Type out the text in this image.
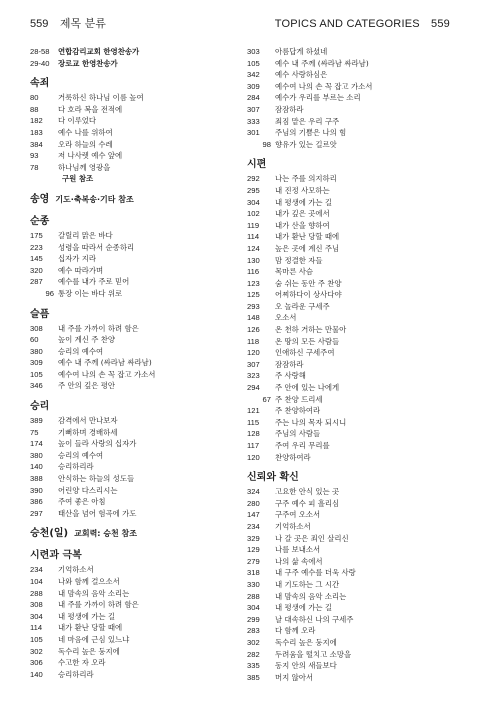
559 제목 분류	TOPICS AND CATEGORIES 559
28-58	연합감리교회 한영찬송가
29-40	장로교 한영찬송가
속죄
80	거룩하신 하나님 이름 높여
88	다 호라 복을 전적에
182	다 이루었다
183	예수 나를 위하여
384	오라 하늘의 수레
93	저 나사렛 예수 앞에
78	하나님께 영광을
구원 참조
송영 기도·축복송·기타 참조
순종
175	갈릴리 맑은 바다
223	성령을 따라서 순종하리
145	십자가 지라
320	예수 따라가며
287	예수를 내가 주로 믿어
96 통장 이는 바다 위로
슬픔
308	내 주를 가까이 하려 함은
60	높이 계신 주 찬양
380	승리의 예수여
309	예수 내 주께 (싸라남 싸라남)
105	예수여 나의 손 꼭 잡고 가소서
346	주 안의 깊은 평안
승리
389	감격에서 만나보자
75	기뻐하며 경배하세
174	높이 들라 사랑의 십자가
380	승리의 예수여
140	승리하리라
388	안식하는 하늘의 성도들
390	어린양 다스리시는
386	주여 좋은 아침
297	태산을 넘어 험곡에 가도
승천(일) 교회력: 승천 참조
시련과 극복
234	기억하소서
104	나와 함께 걸으소서
288	내 맘속의 음악 소리는
308	내 주를 가까이 하려 함은
304	내 평생에 가는 길
114	내가 환난 당할 때에
105	네 마음에 근심 있느냐
302	독수리 높은 둥지에
306	수고한 자 오라
140	승리하리라
303	아름답게 하셨네
105	예수 내 주께 (싸라남 싸라남)
342	예수 사랑하심은
309	예수여 나의 손 꼭 잡고 가소서
284	예수가 우리를 부르는 소리
307	잠잠하라
333	죄짐 맡은 우리 구주
301	주님의 기쁨은 나의 힘
98 향유가 있는 길르앗
시편
292	나는 주를 의지하리
295	내 진정 사모하는
304	내 평생에 가는 길
102	내가 깊은 곳에서
119	내가 산을 향하여
114	내가 환난 당할 때에
124	높은 곳에 계신 주님
130	맘 정결한 자들
116	목마른 사슴
123	숨 쉬는 동안 주 찬양
125	어찌하다이 상사다야
293	오 놀라운 구세주
148	오소서
126	온 천하 거하는 만물아
118	온 땅의 모든 사람들
120	인애하신 구세주여
307	잠잠하라
323	주 사랑해
294	주 안에 있는 나에게
67 주 찬양 드리세
121	주 찬양하여라
115	주는 나의 목자 되시니
128	주님의 사람들
117	주여 우리 무리를
120	찬양하여라
신뢰와 확신
324	고요한 안식 있는 곳
280	구주 예수 피 흘리심
147	구주여 오소서
234	기억하소서
329	나 갈 곳은 죄인 살리신
129	나를 보내소서
279	나의 삶 속에서
318	내 구주 예수를 더욱 사랑
330	내 기도하는 그 시간
288	내 맘속의 음악 소리는
304	내 평생에 가는 길
299	날 대속하신 나의 구세주
283	다 함께 오라
302	독수리 높은 둥지에
282	두려움을 떨치고 소망을
335	동지 안의 새들보다
385	머지 않아서
